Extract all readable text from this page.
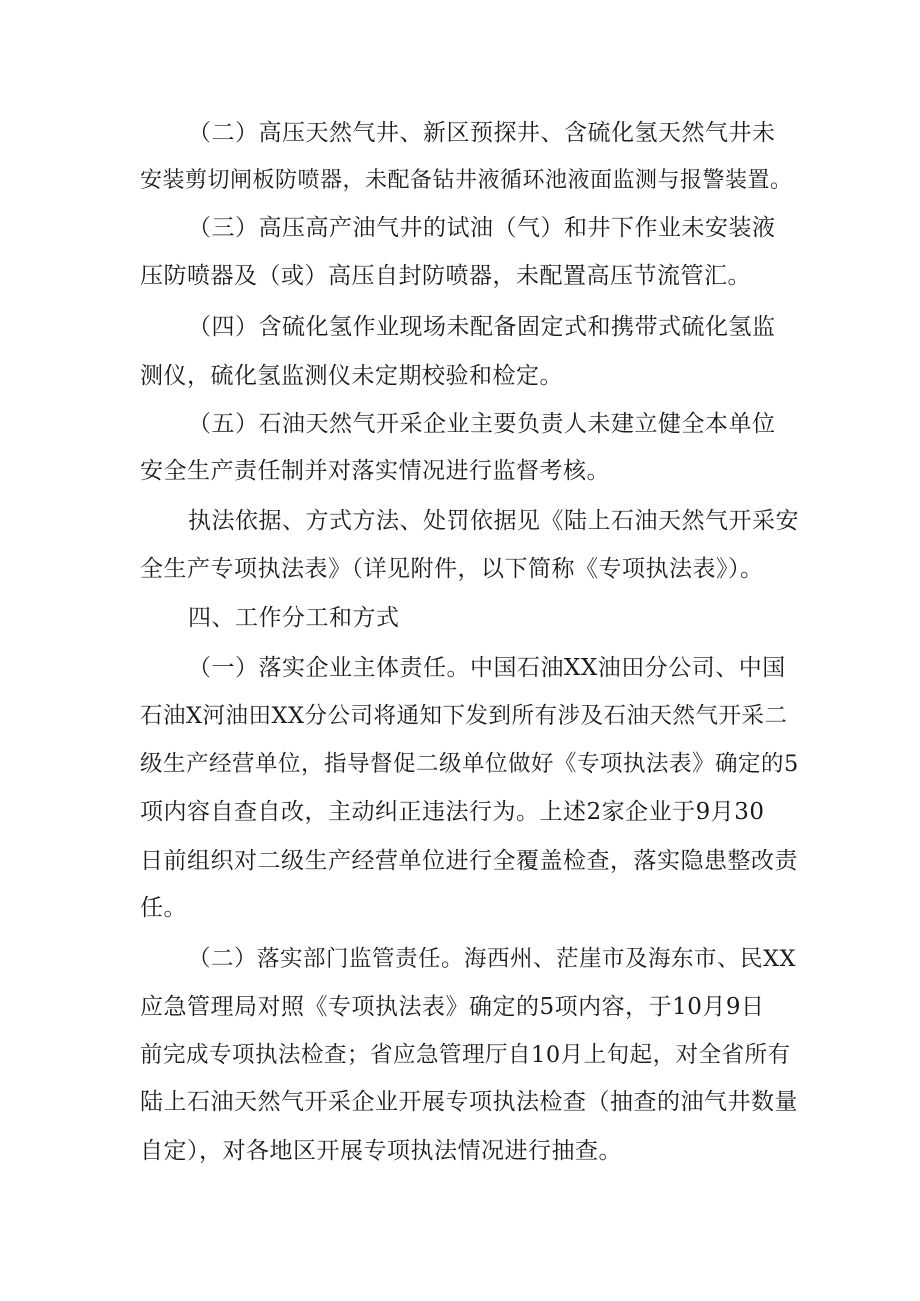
（二）高压天然气井、新区预探井、含硫化氢天然气井未
安装剪切闸板防喷器，未配备钻井液循环池液面监测与报警装置。
（三）高压高产油气井的试油（气）和井下作业未安装液
压防喷器及（或）高压自封防喷器，未配置高压节流管汇。
（四）含硫化氢作业现场未配备固定式和携带式硫化氢监
测仪，硫化氢监测仪未定期校验和检定。
（五）石油天然气开采企业主要负责人未建立健全本单位
安全生产责任制并对落实情况进行监督考核。
执法依据、方式方法、处罚依据见《陆上石油天然气开采安
全生产专项执法表》（详见附件，以下简称《专项执法表》）。
四、工作分工和方式
（一）落实企业主体责任。中国石油XX油田分公司、中国
石油X河油田XX分公司将通知下发到所有涉及石油天然气开采二
级生产经营单位，指导督促二级单位做好《专项执法表》确定的5
项内容自查自改，主动纠正违法行为。上述2家企业于9月30
日前组织对二级生产经营单位进行全覆盖检查，落实隐患整改责
任。
（二）落实部门监管责任。海西州、茫崖市及海东市、民XX
应急管理局对照《专项执法表》确定的5项内容，于10月9日
前完成专项执法检查；省应急管理厅自10月上旬起，对全省所有
陆上石油天然气开采企业开展专项执法检查（抽查的油气井数量
自定），对各地区开展专项执法情况进行抽查。
